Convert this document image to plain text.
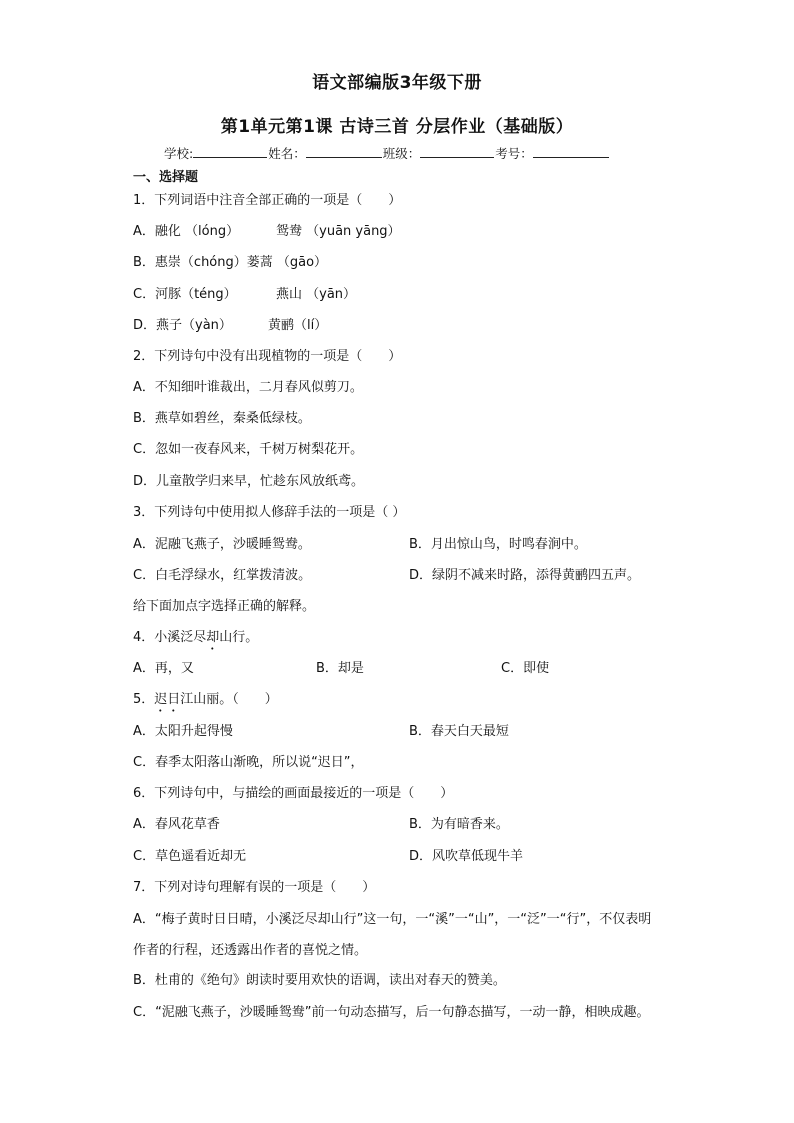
语文部编版3年级下册
第1单元第1课 古诗三首 分层作业（基础版）
学校:	姓名：	班级：	考号：
一、选择题
1．下列词语中注音全部正确的一项是（　　）
A．融化 （lóng）	鸳鸯 （yuān yāng）
B．惠崇（chóng）蒌蒿 （gāo）
C．河豚（téng）	燕山 （yān）
D．燕子（yàn）	黄鹂（lí）
2．下列诗句中没有出现植物的一项是（　　）
A．不知细叶谁裁出，二月春风似剪刀。
B．燕草如碧丝，秦桑低绿枝。
C．忽如一夜春风来，千树万树梨花开。
D．儿童散学归来早，忙趁东风放纸鸢。
3．下列诗句中使用拟人修辞手法的一项是（ ）
A．泥融飞燕子，沙暖睡鸳鸯。	B．月出惊山鸟，时鸣春涧中。
C．白毛浮绿水，红掌拨清波。	D．绿阴不减来时路，添得黄鹂四五声。
给下面加点字选择正确的解释。
4．小溪泛尽却山行。
A．再，又	B．却是	C．即使
5．迟日江山丽。（　　）
A．太阳升起得慢	B．春天白天最短
C．春季太阳落山渐晚，所以说“迟日”，
6．下列诗句中，与描绘的画面最接近的一项是（　　）
A．春风花草香	B．为有暗香来。
C．草色遥看近却无	D．风吹草低现牛羊
7．下列对诗句理解有误的一项是（　　）
A．“梅子黄时日日晴，小溪泛尽却山行”这一句，一“溪”一“山”，一“泛”一“行”，不仅表明作者的行程，还透露出作者的喜悦之情。
B．杜甫的《绝句》朗读时要用欢快的语调，读出对春天的赞美。
C．“泥融飞燕子，沙暖睡鸳鸯”前一句动态描写，后一句静态描写，一动一静，相映成趣。
